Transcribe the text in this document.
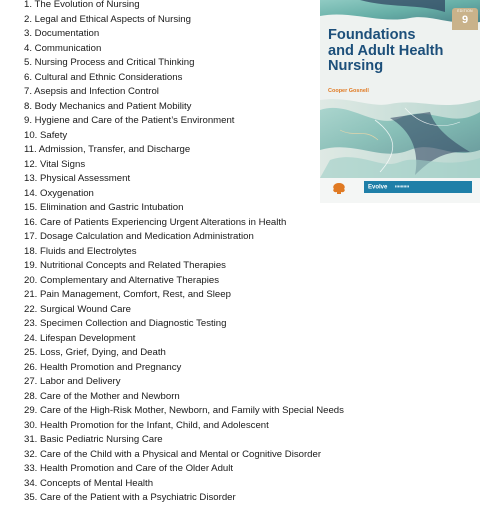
1. The Evolution of Nursing
2. Legal and Ethical Aspects of Nursing
3. Documentation
4. Communication
5. Nursing Process and Critical Thinking
6. Cultural and Ethnic Considerations
7. Asepsis and Infection Control
8. Body Mechanics and Patient Mobility
9. Hygiene and Care of the Patient’s Environment
10. Safety
11. Admission, Transfer, and Discharge
12. Vital Signs
13. Physical Assessment
14. Oxygenation
15. Elimination and Gastric Intubation
16. Care of Patients Experiencing Urgent Alterations in Health
17. Dosage Calculation and Medication Administration
18. Fluids and Electrolytes
19. Nutritional Concepts and Related Therapies
20. Complementary and Alternative Therapies
21. Pain Management, Comfort, Rest, and Sleep
22. Surgical Wound Care
23. Specimen Collection and Diagnostic Testing
24. Lifespan Development
25. Loss, Grief, Dying, and Death
26. Health Promotion and Pregnancy
27. Labor and Delivery
28. Care of the Mother and Newborn
29. Care of the High-Risk Mother, Newborn, and Family with Special Needs
30. Health Promotion for the Infant, Child, and Adolescent
31. Basic Pediatric Nursing Care
32. Care of the Child with a Physical and Mental or Cognitive Disorder
33. Health Promotion and Care of the Older Adult
34. Concepts of Mental Health
35. Care of the Patient with a Psychiatric Disorder
EDITION
9
Foundations
and Adult Health
Nursing
Cooper Gosnell
Evolve	▮▮▮▮▮▮▮▮▮▮
